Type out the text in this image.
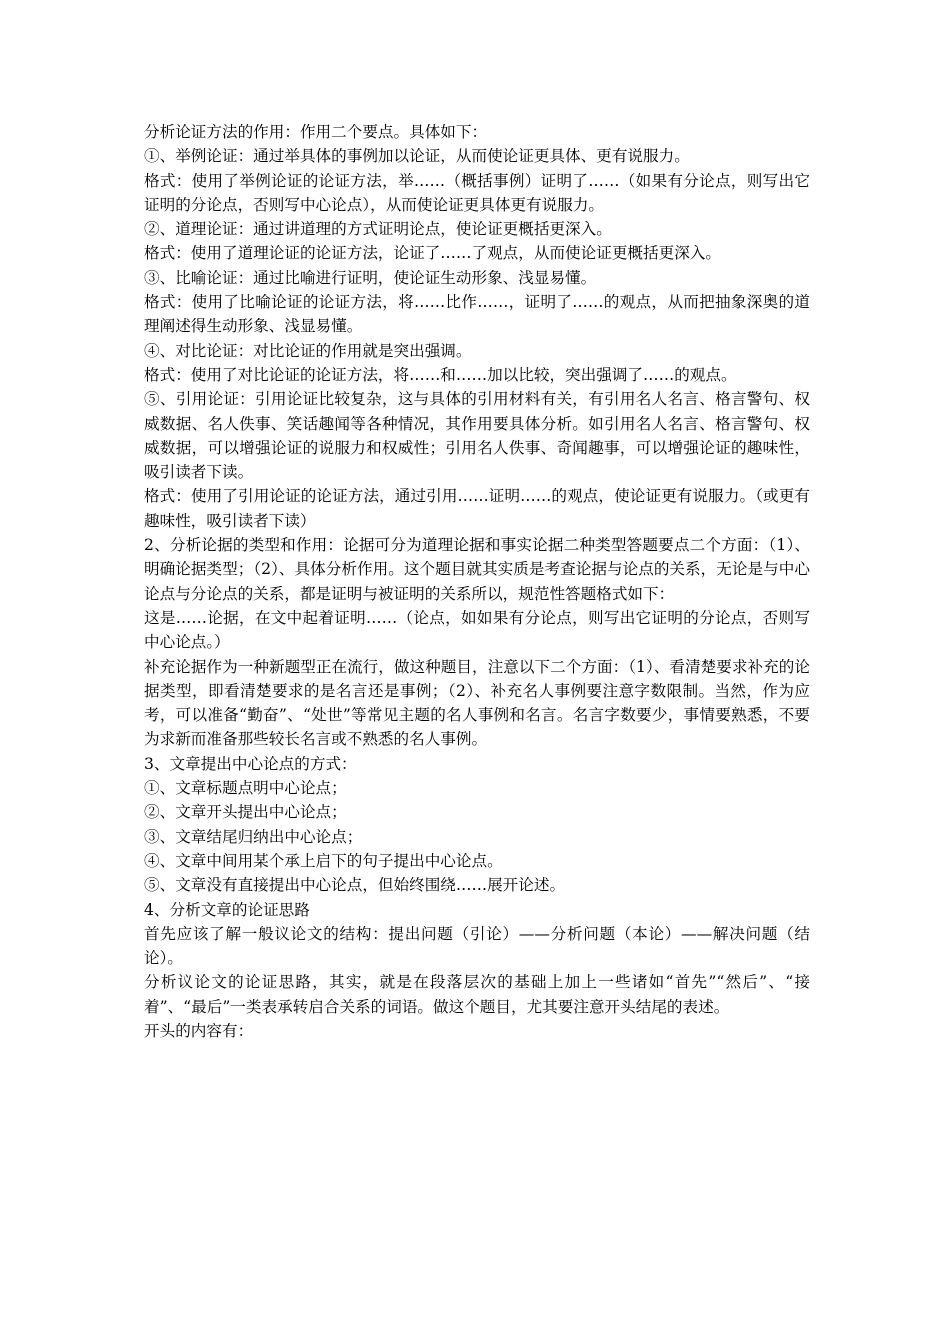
分析论证方法的作用：作用二个要点。具体如下：

①、举例论证：通过举具体的事例加以论证，从而使论证更具体、更有说服力。

格式：使用了举例论证的论证方法，举……（概括事例）证明了……（如果有分论点，则写出它证明的分论点，否则写中心论点），从而使论证更具体更有说服力。

②、道理论证：通过讲道理的方式证明论点，使论证更概括更深入。

格式：使用了道理论证的论证方法，论证了……了观点，从而使论证更概括更深入。

③、比喻论证：通过比喻进行证明，使论证生动形象、浅显易懂。

格式：使用了比喻论证的论证方法，将……比作……，证明了……的观点，从而把抽象深奥的道理阐述得生动形象、浅显易懂。

④、对比论证：对比论证的作用就是突出强调。

格式：使用了对比论证的论证方法，将……和……加以比较，突出强调了……的观点。

⑤、引用论证：引用论证比较复杂，这与具体的引用材料有关，有引用名人名言、格言警句、权威数据、名人佚事、笑话趣闻等各种情况，其作用要具体分析。如引用名人名言、格言警句、权威数据，可以增强论证的说服力和权威性；引用名人佚事、奇闻趣事，可以增强论证的趣味性，吸引读者下读。

格式：使用了引用论证的论证方法，通过引用……证明……的观点，使论证更有说服力。（或更有趣味性，吸引读者下读）

2、分析论据的类型和作用：论据可分为道理论据和事实论据二种类型答题要点二个方面：（1）、明确论据类型；（2）、具体分析作用。这个题目就其实质是考查论据与论点的关系，无论是与中心论点与分论点的关系，都是证明与被证明的关系所以，规范性答题格式如下：

这是……论据，在文中起着证明……（论点，如如果有分论点，则写出它证明的分论点，否则写中心论点。）

补充论据作为一种新题型正在流行，做这种题目，注意以下二个方面：（1）、看清楚要求补充的论据类型，即看清楚要求的是名言还是事例；（2）、补充名人事例要注意字数限制。当然，作为应考，可以准备“勤奋”、“处世”等常见主题的名人事例和名言。名言字数要少，事情要熟悉，不要为求新而准备那些较长名言或不熟悉的名人事例。

3、文章提出中心论点的方式：

①、文章标题点明中心论点；

②、文章开头提出中心论点；

③、文章结尾归纳出中心论点；

④、文章中间用某个承上启下的句子提出中心论点。

⑤、文章没有直接提出中心论点，但始终围绕……展开论述。

4、分析文章的论证思路

首先应该了解一般议论文的结构：提出问题（引论）——分析问题（本论）——解决问题（结论）。

分析议论文的论证思路，其实，就是在段落层次的基础上加上一些诸如“首先”“然后”、“接着”、“最后”一类表承转启合关系的词语。做这个题目，尤其要注意开头结尾的表述。

开头的内容有：
